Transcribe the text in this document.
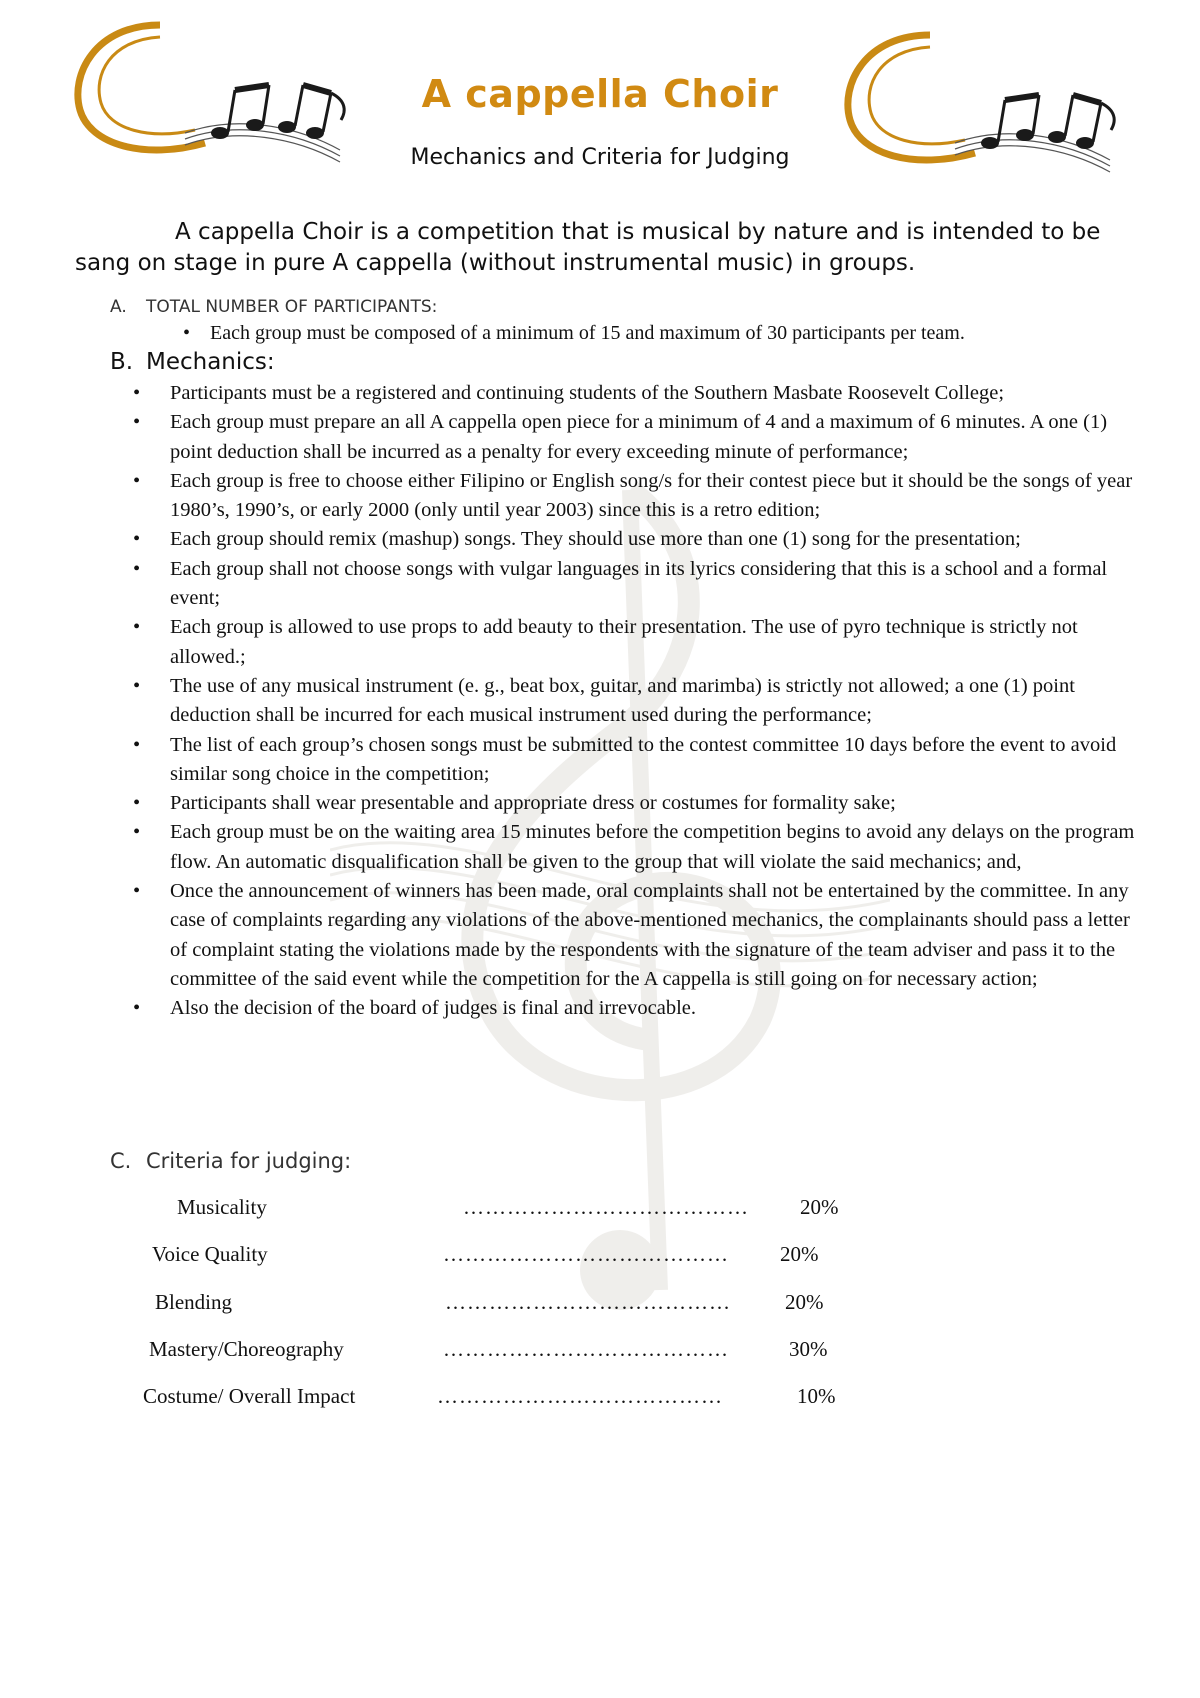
A cappella Choir
Mechanics and Criteria for Judging

A cappella Choir is a competition that is musical by nature and is intended to be sang on stage in pure A cappella (without instrumental music) in groups.

A. TOTAL NUMBER OF PARTICIPANTS:
•    Each group must be composed of a minimum of 15 and maximum of 30 participants per team.
B. Mechanics:
• Participants must be a registered and continuing students of the Southern Masbate Roosevelt College;
• Each group must prepare an all A cappella open piece for a minimum of 4 and a maximum of 6 minutes. A one (1) point deduction shall be incurred as a penalty for every exceeding minute of performance;
• Each group is free to choose either Filipino or English song/s for their contest piece but it should be the songs of year 1980’s, 1990’s, or early 2000 (only until year 2003) since this is a retro edition;
• Each group should remix (mashup) songs. They should use more than one (1) song for the presentation;
• Each group shall not choose songs with vulgar languages in its lyrics considering that this is a school and a formal event;
• Each group is allowed to use props to add beauty to their presentation. The use of pyro technique is strictly not allowed.;
• The use of any musical instrument (e. g., beat box, guitar, and marimba) is strictly not allowed; a one (1) point deduction shall be incurred for each musical instrument used during the performance;
• The list of each group’s chosen songs must be submitted to the contest committee 10 days before the event to avoid similar song choice in the competition;
• Participants shall wear presentable and appropriate dress or costumes for formality sake;
• Each group must be on the waiting area 15 minutes before the competition begins to avoid any delays on the program flow. An automatic disqualification shall be given to the group that will violate the said mechanics; and,
• Once the announcement of winners has been made, oral complaints shall not be entertained by the committee. In any case of complaints regarding any violations of the above-mentioned mechanics, the complainants should pass a letter of complaint stating the violations made by the respondents with the signature of the team adviser and pass it to the committee of the said event while the competition for the A cappella is still going on for necessary action;
• Also the decision of the board of judges is final and irrevocable.
C. Criteria for judging:
Musicality	………………………………… 20%
Voice Quality	………………………………… 20%
Blending	…………………………………	20%
Mastery/Choreography	…………………………………	30%
Costume/ Overall Impact	…………………………………	10%
